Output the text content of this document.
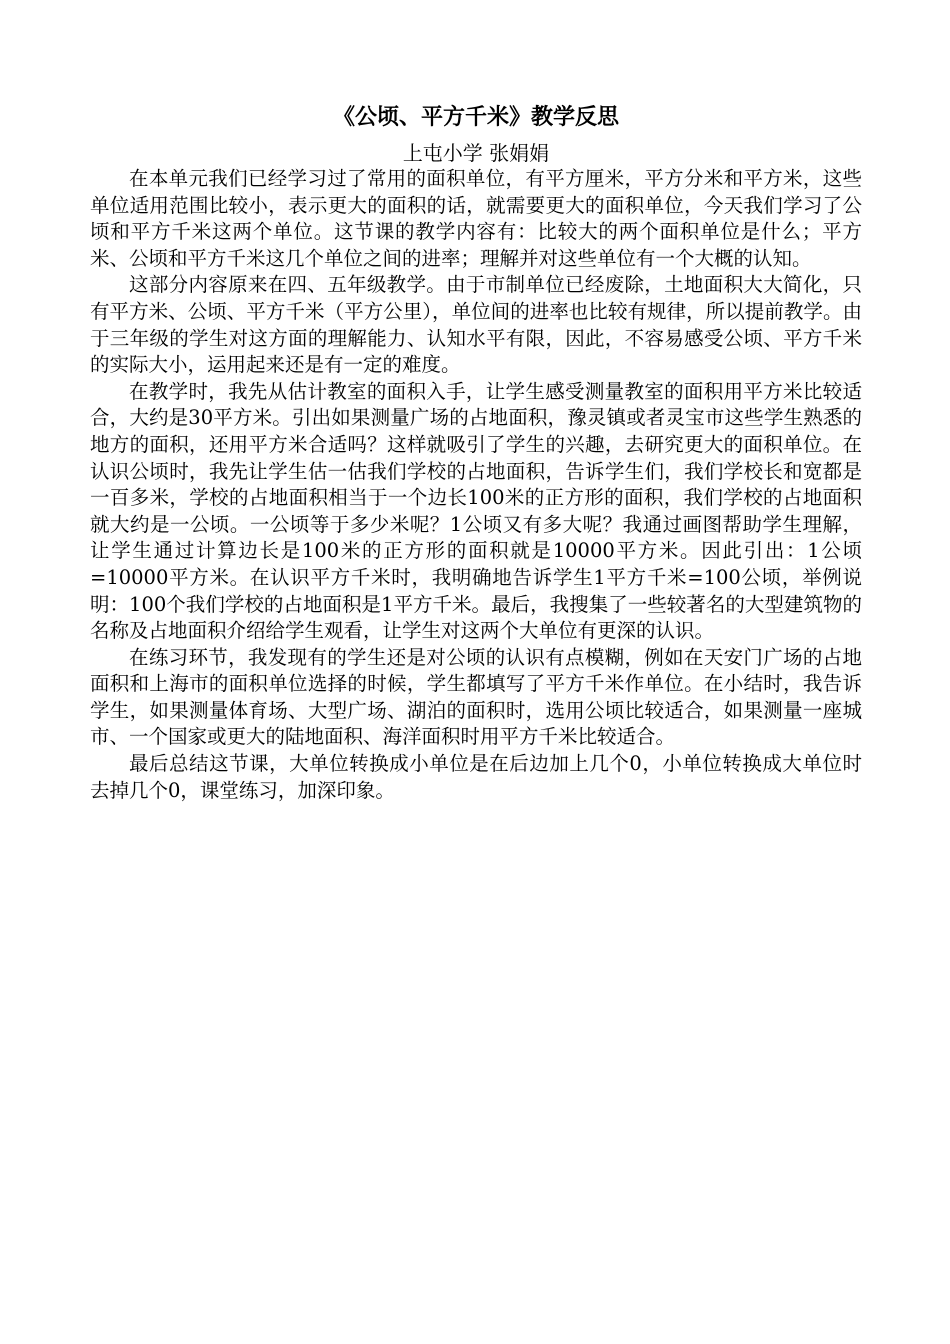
《公顷、平方千米》教学反思

上屯小学 张娟娟

在本单元我们已经学习过了常用的面积单位，有平方厘米，平方分米和平方米，这些单位适用范围比较小，表示更大的面积的话，就需要更大的面积单位，今天我们学习了公顷和平方千米这两个单位。这节课的教学内容有：比较大的两个面积单位是什么；平方米、公顷和平方千米这几个单位之间的进率；理解并对这些单位有一个大概的认知。

这部分内容原来在四、五年级教学。由于市制单位已经废除，土地面积大大简化，只有平方米、公顷、平方千米（平方公里），单位间的进率也比较有规律，所以提前教学。由于三年级的学生对这方面的理解能力、认知水平有限，因此，不容易感受公顷、平方千米的实际大小，运用起来还是有一定的难度。

在教学时，我先从估计教室的面积入手，让学生感受测量教室的面积用平方米比较适合，大约是30平方米。引出如果测量广场的占地面积，豫灵镇或者灵宝市这些学生熟悉的地方的面积，还用平方米合适吗？这样就吸引了学生的兴趣，去研究更大的面积单位。在认识公顷时，我先让学生估一估我们学校的占地面积，告诉学生们，我们学校长和宽都是一百多米，学校的占地面积相当于一个边长100米的正方形的面积，我们学校的占地面积就大约是一公顷。一公顷等于多少米呢？1公顷又有多大呢？我通过画图帮助学生理解，让学生通过计算边长是100米的正方形的面积就是10000平方米。因此引出：1公顷=10000平方米。在认识平方千米时，我明确地告诉学生1平方千米=100公顷，举例说明：100个我们学校的占地面积是1平方千米。最后，我搜集了一些较著名的大型建筑物的名称及占地面积介绍给学生观看，让学生对这两个大单位有更深的认识。

在练习环节，我发现有的学生还是对公顷的认识有点模糊，例如在天安门广场的占地面积和上海市的面积单位选择的时候，学生都填写了平方千米作单位。在小结时，我告诉学生，如果测量体育场、大型广场、湖泊的面积时，选用公顷比较适合，如果测量一座城市、一个国家或更大的陆地面积、海洋面积时用平方千米比较适合。

最后总结这节课，大单位转换成小单位是在后边加上几个0，小单位转换成大单位时去掉几个0，课堂练习，加深印象。
